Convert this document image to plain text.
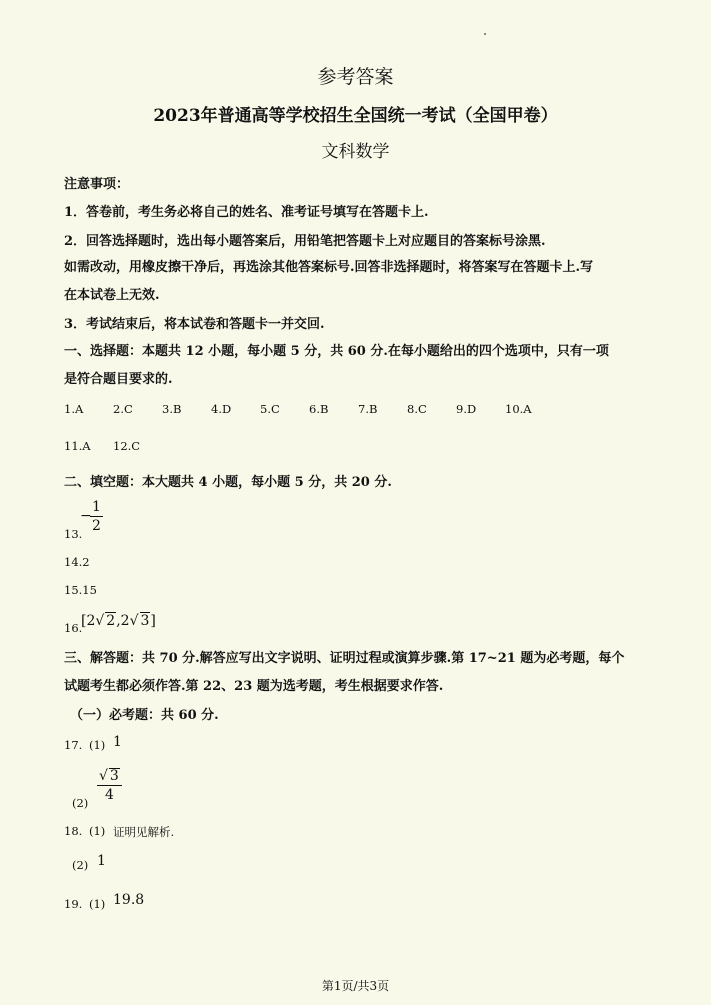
参考答案
2023年普通高等学校招生全国统一考试（全国甲卷）
文科数学
注意事项：
1．答卷前，考生务必将自己的姓名、准考证号填写在答题卡上.
2．回答选择题时，选出每小题答案后，用铅笔把答题卡上对应题目的答案标号涂黑.
如需改动，用橡皮擦干净后，再选涂其他答案标号.回答非选择题时，将答案写在答题卡上.写
在本试卷上无效.
3．考试结束后，将本试卷和答题卡一并交回.
一、选择题：本题共 12 小题，每小题 5 分，共 60 分.在每小题给出的四个选项中，只有一项
是符合题目要求的.
1.A	2.C	3.B	4.D	5.C	6.B	7.B	8.C	9.D	10.A
11.A	12.C
二、填空题：本大题共 4 小题，每小题 5 分，共 20 分.
13.
−
1
2
14.2
15.15
16.
[2√ 2,2√ 3]
三、解答题：共 70 分.解答应写出文字说明、证明过程或演算步骤.第 17~21 题为必考题，每个
试题考生都必须作答.第 22、23 题为选考题，考生根据要求作答.
（一）必考题：共 60 分.
17. (1) 1
(2)
$\frac{√ 3}{4}$
18. (1) 证明见解析.
(2) 1
19. (1) 19.8
第1页/共3页
